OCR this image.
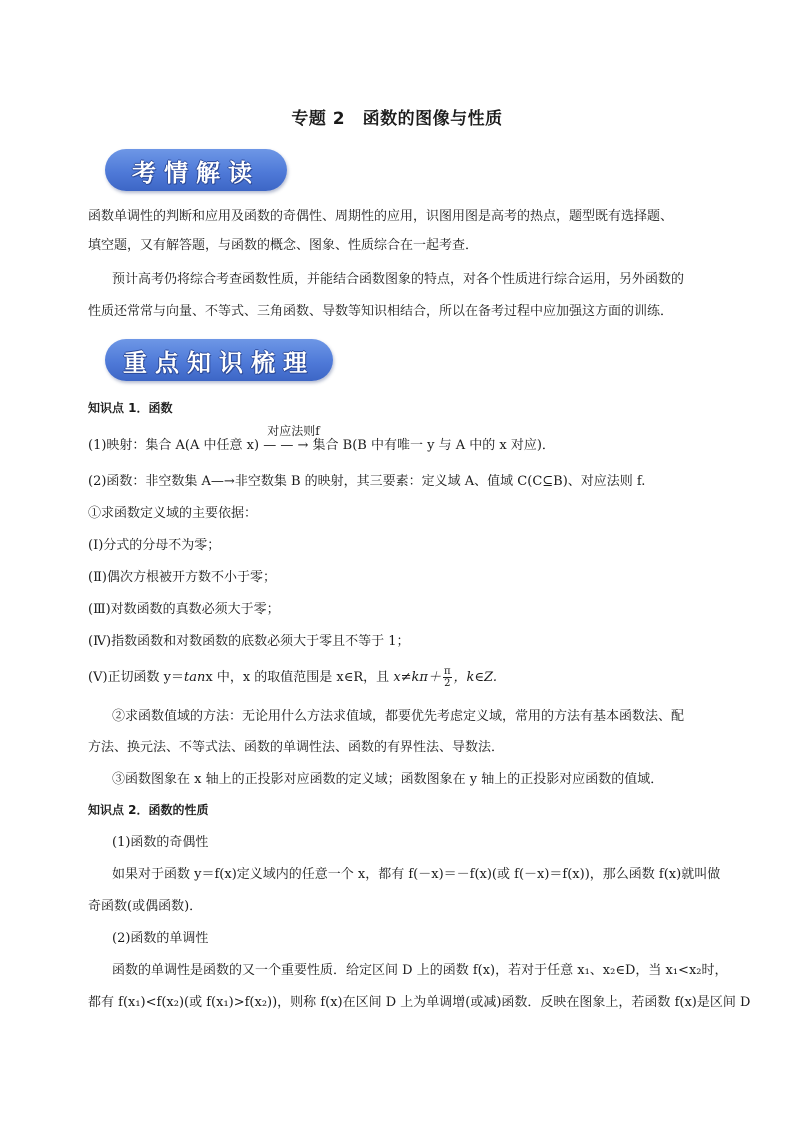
专题 2　函数的图像与性质
考情解读
函数单调性的判断和应用及函数的奇偶性、周期性的应用，识图用图是高考的热点，题型既有选择题、
填空题，又有解答题，与函数的概念、图象、性质综合在一起考查．
预计高考仍将综合考查函数性质，并能结合函数图象的特点，对各个性质进行综合运用，另外函数的
性质还常常与向量、不等式、三角函数、导数等知识相结合，所以在备考过程中应加强这方面的训练．
重点知识梳理
知识点 1．函数
(1)映射：集合 A(A 中任意 x)
对应法则f
— — → 集合 B(B 中有唯一 y 与 A 中的 x 对应)．
(2)函数：非空数集 A—→非空数集 B 的映射，其三要素：定义域 A、值域 C(C⊆B)、对应法则 f.
①求函数定义域的主要依据：
(Ⅰ)分式的分母不为零；
(Ⅱ)偶次方根被开方数不小于零；
(Ⅲ)对数函数的真数必须大于零；
(Ⅳ)指数函数和对数函数的底数必须大于零且不等于 1；
(Ⅴ)正切函数 y＝tanx 中，x 的取值范围是 x∈R，且 $x\ne k\pi+ \frac{\pi}{2}$ ，k∈Z.
②求函数值域的方法：无论用什么方法求值域，都要优先考虑定义域，常用的方法有基本函数法、配
方法、换元法、不等式法、函数的单调性法、函数的有界性法、导数法．
③函数图象在 x 轴上的正投影对应函数的定义域；函数图象在 y 轴上的正投影对应函数的值域．
知识点 2．函数的性质
(1)函数的奇偶性
如果对于函数 y＝f(x)定义域内的任意一个 x，都有 f(－x)＝－f(x)(或 f(－x)＝f(x))，那么函数 f(x)就叫做
奇函数(或偶函数)．
(2)函数的单调性
函数的单调性是函数的又一个重要性质．给定区间 D 上的函数 f(x)，若对于任意 x₁、x₂∈D，当 x₁<x₂时，
都有 f(x₁)<f(x₂)(或 f(x₁)>f(x₂))，则称 f(x)在区间 D 上为单调增(或减)函数．反映在图象上，若函数 f(x)是区间 D
